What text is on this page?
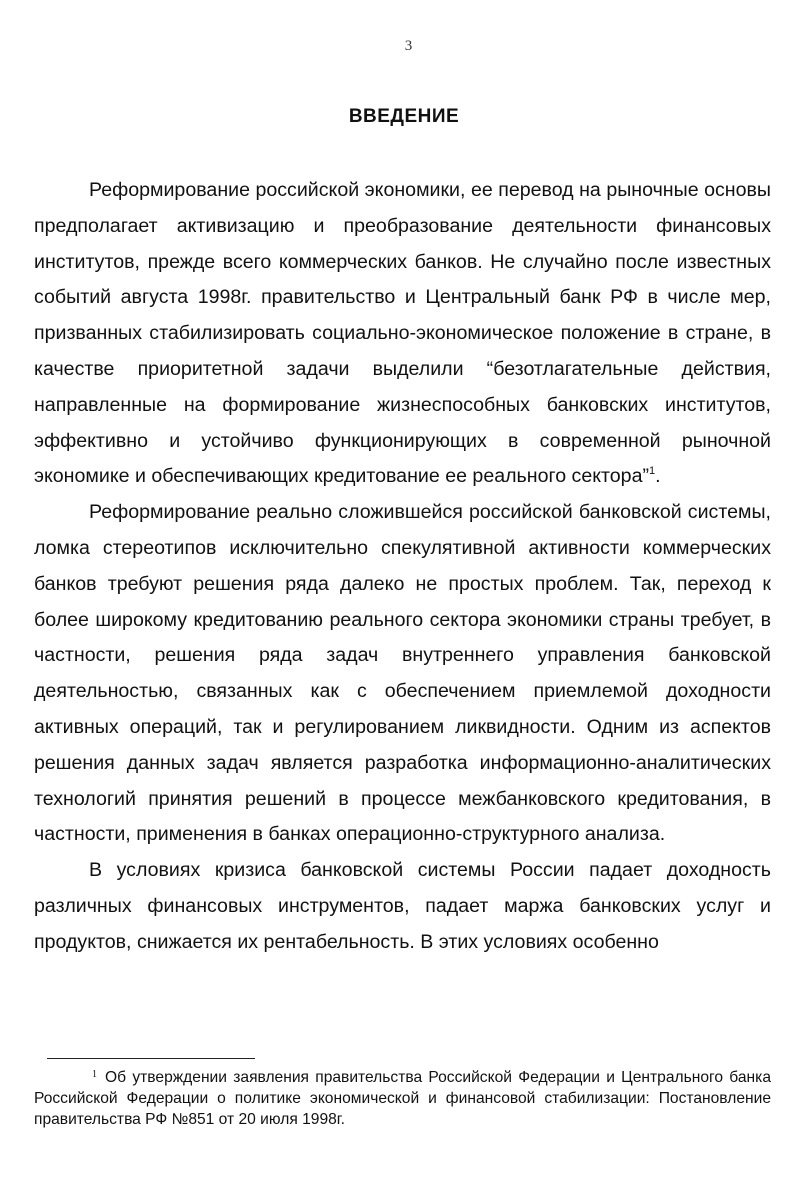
3
ВВЕДЕНИЕ

Реформирование российской экономики, ее перевод на рыночные основы предполагает активизацию и преобразование деятельности финансовых институтов, прежде всего коммерческих банков. Не случайно после известных событий августа 1998г. правительство и Центральный банк РФ в числе мер, призванных стабилизировать социально-экономическое положение в стране, в качестве приоритетной задачи выделили “безотлагательные действия, направленные на формирование жизнеспособных банковских институтов, эффективно и устойчиво функционирующих в современной рыночной экономике и обеспечивающих кредитование ее реального сектора”$^1$.

Реформирование реально сложившейся российской банковской системы, ломка стереотипов исключительно спекулятивной активности коммерческих банков требуют решения ряда далеко не простых проблем. Так, переход к более широкому кредитованию реального сектора экономики страны требует, в частности, решения ряда задач внутреннего управления банковской деятельностью, связанных как с обеспечением приемлемой доходности активных операций, так и регулированием ликвидности. Одним из аспектов решения данных задач является разработка информационно-аналитических технологий принятия решений в процессе межбанковского кредитования, в частности, применения в банках операционно-структурного анализа.

В условиях кризиса банковской системы России падает доходность различных финансовых инструментов, падает маржа банковских услуг и продуктов, снижается их рентабельность. В этих условиях особенно

$^1$ Об утверждении заявления правительства Российской Федерации и Центрального банка Российской Федерации о политике экономической и финансовой стабилизации: Постановление правительства РФ №851 от 20 июля 1998г.
